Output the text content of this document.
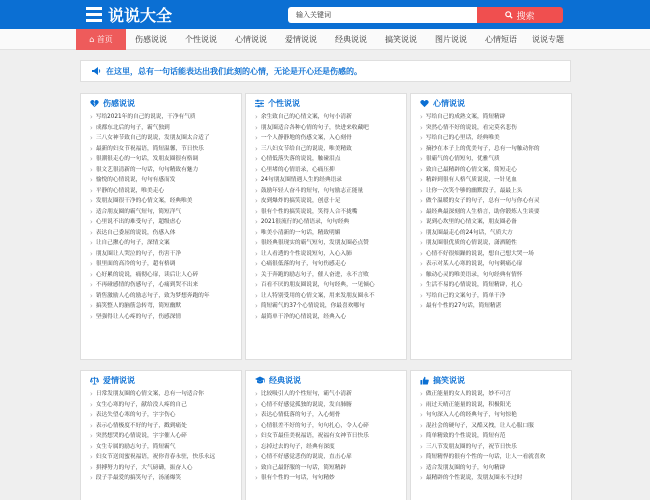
说说大全
输入关键词	搜索
⌂ 首页	伤感说说	个性说说	心情说说	爱情说说	经典说说	搞笑说说	图片说说	心情短语	说说专题
在这里，总有一句话能表达出我们此刻的心情，无论是开心还是伤感的。
伤感说说
› 写给2021年的自己的说说，干净有气质
› 成都东北后的句子，霸气独到
› 三八女神节致自己的说说，发朋友圈太合适了
› 最新的妇女节祝福语，简短温馨，节日快乐
› 很潮很走心的一句话，发朋友圈很有格调
› 很文艺很清新的一句话，句句精致有魅力
› 愉悦的心情说说，句句有感而发
› 平静的心情说说，唯美走心
› 发朋友圈很干净的心情文案，经典唯美
› 适合朋友圈的霸气短句，简短洋气
› 心里说不出的难受句子，超级虐心
› 表达自己委屈的说说，伤感入体
› 让自己揪心的句子，深情文案
› 朋友圈让人哭泣的句子，伤害干净
› 很里面的高冷的句子，超有格调
› 心好累的说说，痛彻心扉，读后让人心碎
› 不再碰感情的伤感句子，心痛到哭不出来
› 销售激励人心的励志句子，致为梦想奔跑的年
› 搞笑整人的脑筋急转弯，简短幽默
› 坚强得让人心疼的句子，伤感深情
个性说说
› 余生致自己的心情文案，句句小清新
› 朋友圈适合各种心情的句子，快进来收藏吧
› 一个人静静地的伤感文案，入心刻骨
› 三八妇女节给自己的说说，唯美精致
› 心情低落失落的说说，触碰泪点
› 心里堵的心情语录，心痛压抑
› 24句朋友圈情遇人生的经典语录
› 鼓励年轻人奋斗的短句，句句励志正能量
› 皮到爆炸的搞笑说说，创意十足
› 很有个性的搞笑说说，笑得人合不拢嘴
› 2021很流行的心情语录，句句经典
› 唯美小清新的一句话，精致明媚
› 很经典很现实的霸气短句，发朋友圈必点赞
› 让人看透的个性说说短句，入心入肺
› 心痛很低落的句子，句句伤感走心
› 关于奔跑的励志句子，催人奋进，永不言败
› 百看不厌的朋友圈说说，句句经典，一见倾心
› 让人特别受用的心情文案，用来发朋友圈永不
› 简短霸气的37个心情说说，你最喜欢哪句
› 最简单干净的心情说说，经典入心
心情说说
› 写给自己的成熟文案，简短精辟
› 突然心情不好的说说，看完莫名悲伤
› 写给自己的心里话，经典唯美
› 摘抄在本子上的优美句子，总有一句触动你的
› 很霸气的心情短句，优雅气质
› 致自己最精辟的心情文案，简短走心
› 精辟到很有人格气质说说，一针见血
› 让你一次笑个够的幽默段子，最最上头
› 做个温暖的女子的句子，总有一句与你心有灵
› 最经典最深刻的人生格言，助你锻炼人生谈要
› 说到心坎里的心情文案，朋友圈必备
› 朋友圈最走心的24句话，气质大方
› 朋友圈很优质的心情说说，潇洒随性
› 心情不好很烦躁的说说，想自己想大哭一场
› 表示对某人心寒的说说，句句刺痛心扉
› 触动心灵的唯美语录，句句经典有情怀
› 生活不易的心情说说，简短精辟，扎心
› 写给自己的文案句子，简单干净
› 最有个性的27句话，简短精湛
爱情说说
› 日常发朋友圈的心情文案，总有一句适合你
› 女生心寒的句子，献给没人疼的自己
› 表达失望心寒的句子，字字伤心
› 表示心情极度不好的句子，戳到痛处
› 突然想哭的心情说说，字字催人心碎
› 女生专属的励志句子，简短霸气
› 妇女节送闺蜜祝福语，祝你青春永驻，快乐永远
› 拼搏努力的句子，大气磅礴，振奋人心
› 段子手最爱的搞笑句子，汤涌爆笑
经典说说
› 比较吸引人的个性短句，霸气小清新
› 心情不好感觉孤独的说说，发自肺腑
› 表达心情低落的句子，入心刻骨
› 心情很差不好的句子，句句扎心，令人心碎
› 妇女节最佳美祝福语，祝福有女神节日快乐
› 忘掉过去的句子，经典有深度
› 心情不好感觉悲伤的说说，直击心扉
› 致自己最舒服的一句话，简短精辟
› 很有个性的一句话，句句精妙
搞笑说说
› 做正能量的女人的说说，妙不可言
› 雨过天晴正能量的说说，积极阳光
› 句句深入人心的经典句子，句句惊艳
› 混社会的硬句子，又酷又拽，让人心服口服
› 简单精致的个性说说，简短有范
› 三八节发朋友圈的句子，祝节日快乐
› 简短精悍的很有个性的一句话，让人一看就喜欢
› 适合发朋友圈的句子，句句精辟
› 最精辟的个性说说，发朋友圈永不过时
